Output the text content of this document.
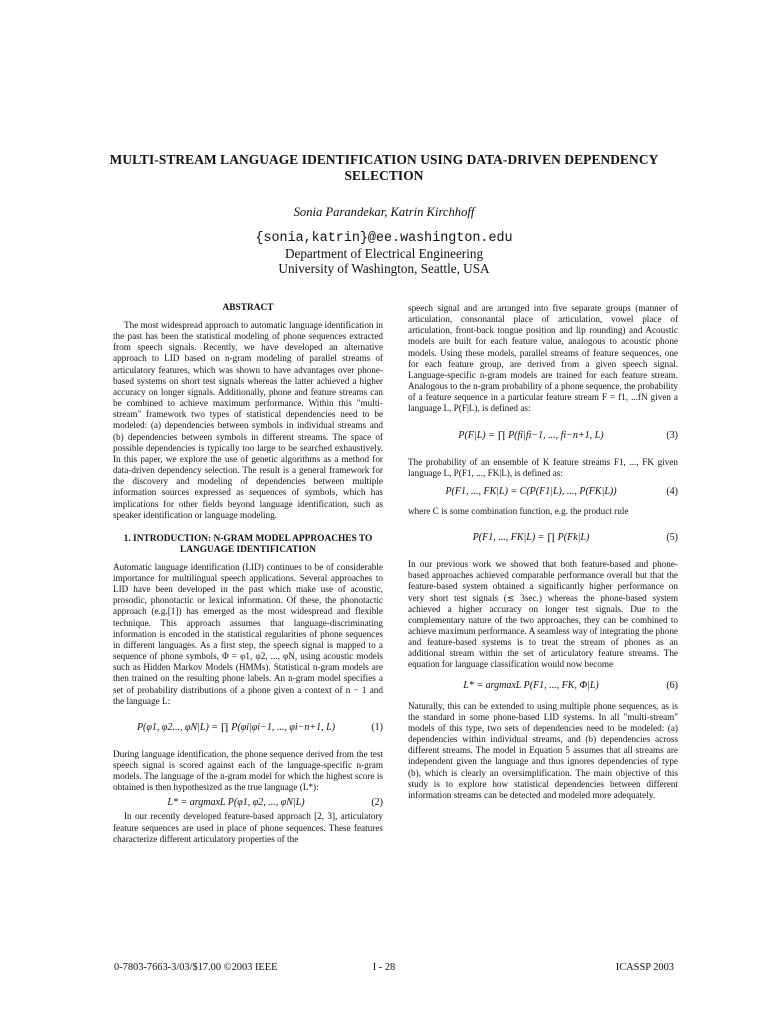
MULTI-STREAM LANGUAGE IDENTIFICATION USING DATA-DRIVEN DEPENDENCY SELECTION
Sonia Parandekar, Katrin Kirchhoff
{sonia,katrin}@ee.washington.edu
Department of Electrical Engineering
University of Washington, Seattle, USA
ABSTRACT

The most widespread approach to automatic language identification in the past has been the statistical modeling of phone sequences extracted from speech signals. Recently, we have developed an alternative approach to LID based on n-gram modeling of parallel streams of articulatory features, which was shown to have advantages over phone-based systems on short test signals whereas the latter achieved a higher accuracy on longer signals. Additionally, phone and feature streams can be combined to achieve maximum performance. Within this "multi-stream" framework two types of statistical dependencies need to be modeled: (a) dependencies between symbols in individual streams and (b) dependencies between symbols in different streams. The space of possible dependencies is typically too large to be searched exhaustively. In this paper, we explore the use of genetic algorithms as a method for data-driven dependency selection. The result is a general framework for the discovery and modeling of dependencies between multiple information sources expressed as sequences of symbols, which has implications for other fields beyond language identification, such as speaker identification or language modeling.

1. INTRODUCTION: N-GRAM MODEL APPROACHES TO LANGUAGE IDENTIFICATION

Automatic language identification (LID) continues to be of considerable importance for multilingual speech applications. Several approaches to LID have been developed in the past which make use of acoustic, prosodic, phonotactic or lexical information. Of these, the phonotactic approach (e.g.[1]) has emerged as the most widespread and flexible technique. This approach assumes that language-discriminating information is encoded in the statistical regularities of phone sequences in different languages. As a first step, the speech signal is mapped to a sequence of phone symbols, Φ = φ1, φ2, ..., φN, using acoustic models such as Hidden Markov Models (HMMs). Statistical n-gram models are then trained on the resulting phone labels. An n-gram model specifies a set of probability distributions of a phone given a context of n − 1 and the language L:

P(φ1, φ2..., φN|L) = ∏ P(φi|φi−1, ..., φi−n+1, L)	(1)

During language identification, the phone sequence derived from the test speech signal is scored against each of the language-specific n-gram models. The language of the n-gram model for which the highest score is obtained is then hypothesized as the true language (L*):

L* = argmaxL P(φ1, φ2, ..., φN|L)	(2)

In our recently developed feature-based approach [2, 3], articulatory feature sequences are used in place of phone sequences. These features characterize different articulatory properties of the

speech signal and are arranged into five separate groups (manner of articulation, consonantal place of articulation, vowel place of articulation, front-back tongue position and lip rounding) and Acoustic models are built for each feature value, analogous to acoustic phone models. Using these models, parallel streams of feature sequences, one for each feature group, are derived from a given speech signal. Language-specific n-gram models are trained for each feature stream. Analogous to the n-gram probability of a phone sequence, the probability of a feature sequence in a particular feature stream F = f1, ...fN given a language L, P(F|L), is defined as:

P(F|L) = ∏ P(fi|fi−1, ..., fi−n+1, L)	(3)

The probability of an ensemble of K feature streams F1, ..., FK given language L, P(F1, ..., FK|L), is defined as:

P(F1, ..., FK|L) = C(P(F1|L), ..., P(FK|L))	(4)

where C is some combination function, e.g. the product rule

P(F1, ..., FK|L) = ∏ P(Fk|L)	(5)

In our previous work we showed that both feature-based and phone-based approaches achieved comparable performance overall but that the feature-based system obtained a significantly higher performance on very short test signals (≲ 3sec.) whereas the phone-based system achieved a higher accuracy on longer test signals. Due to the complementary nature of the two approaches, they can be combined to achieve maximum performance. A seamless way of integrating the phone and feature-based systems is to treat the stream of phones as an additional stream within the set of articulatory feature streams. The equation for language classification would now become

L* = argmaxL P(F1, ..., FK, Φ|L)	(6)

Naturally, this can be extended to using multiple phone sequences, as is the standard in some phone-based LID systems. In all "multi-stream" models of this type, two sets of dependencies need to be modeled: (a) dependencies within individual streams, and (b) dependencies across different streams. The model in Equation 5 assumes that all streams are independent given the language and thus ignores dependencies of type (b), which is clearly an oversimplification. The main objective of this study is to explore how statistical dependencies between different information streams can be detected and modeled more adequately.

0-7803-7663-3/03/$17.00 ©2003 IEEE	I - 28	ICASSP 2003
